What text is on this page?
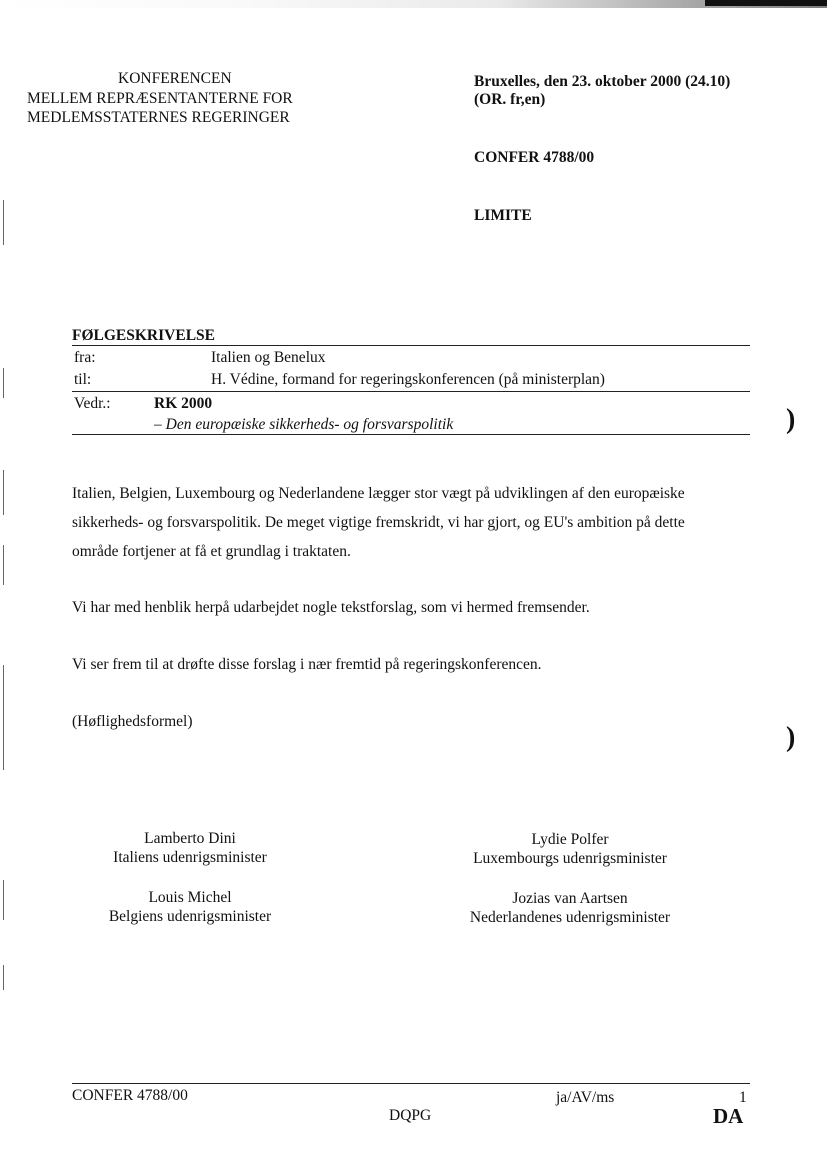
)
)
KONFERENCEN
MELLEM REPRÆSENTANTERNE FOR
MEDLEMSSTATERNES REGERINGER
Bruxelles, den 23. oktober 2000 (24.10)
(OR. fr,en)
CONFER 4788/00
LIMITE
FØLGESKRIVELSE
fra:	Italien og Benelux
til:	H. Védine, formand for regeringskonferencen (på ministerplan)
Vedr.:	RK 2000
– Den europæiske sikkerheds- og forsvarspolitik
Italien, Belgien, Luxembourg og Nederlandene lægger stor vægt på udviklingen af den europæiske
sikkerheds- og forsvarspolitik. De meget vigtige fremskridt, vi har gjort, og EU's ambition på dette
område fortjener at få et grundlag i traktaten.
Vi har med henblik herpå udarbejdet nogle tekstforslag, som vi hermed fremsender.
Vi ser frem til at drøfte disse forslag i nær fremtid på regeringskonferencen.
(Høflighedsformel)
Lamberto Dini
Italiens udenrigsminister
Lydie Polfer
Luxembourgs udenrigsminister
Louis Michel
Belgiens udenrigsminister
Jozias van Aartsen
Nederlandenes udenrigsminister
CONFER 4788/00	ja/AV/ms	1
DQPG	DA
